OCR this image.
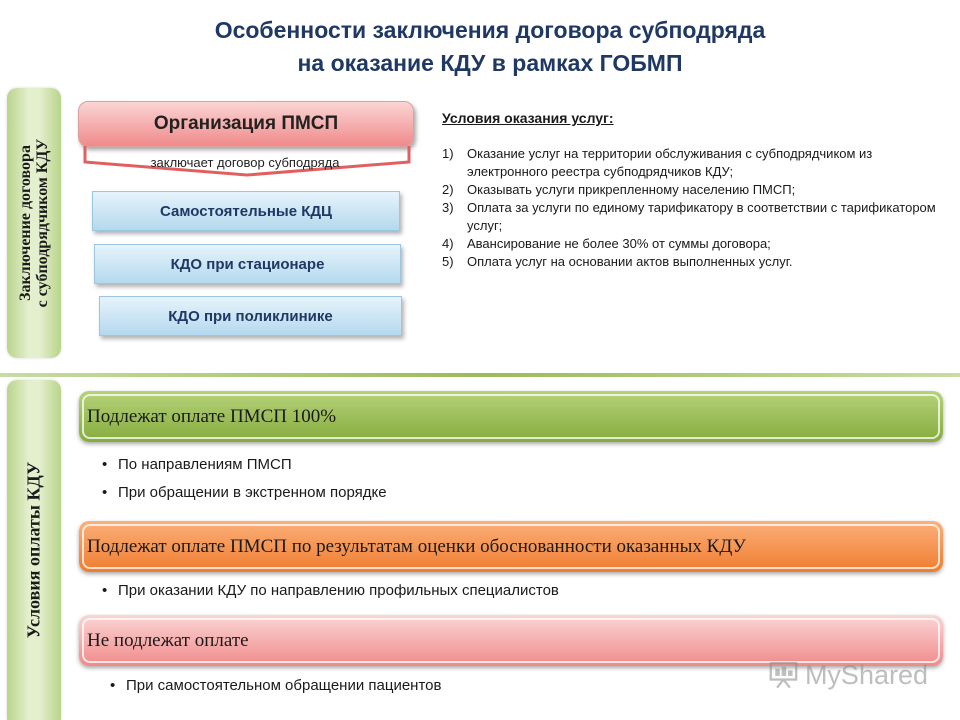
Особенности заключения договора субподряда
на оказание КДУ в рамках ГОБМП
Заключение договора с субподрядчиком КДУ
Условия оплаты КДУ
Организация ПМСП
заключает договор субподряда
Самостоятельные КДЦ
КДО при стационаре
КДО при поликлинике
Условия оказания услуг:
1) Оказание услуг на территории обслуживания с субподрядчиком из электронного реестра субподрядчиков КДУ;
2) Оказывать услуги прикрепленному населению ПМСП;
3) Оплата за услуги по единому тарификатору в соответствии с тарификатором услуг;
4) Авансирование не более 30% от суммы договора;
5) Оплата услуг на основании актов выполненных услуг.
Подлежат оплате ПМСП 100%
• По направлениям ПМСП
• При обращении в экстренном порядке
Подлежат оплате ПМСП по результатам оценки обоснованности оказанных КДУ
• При оказании КДУ по направлению профильных специалистов
Не подлежат оплате
• При самостоятельном обращении пациентов	MyShared
